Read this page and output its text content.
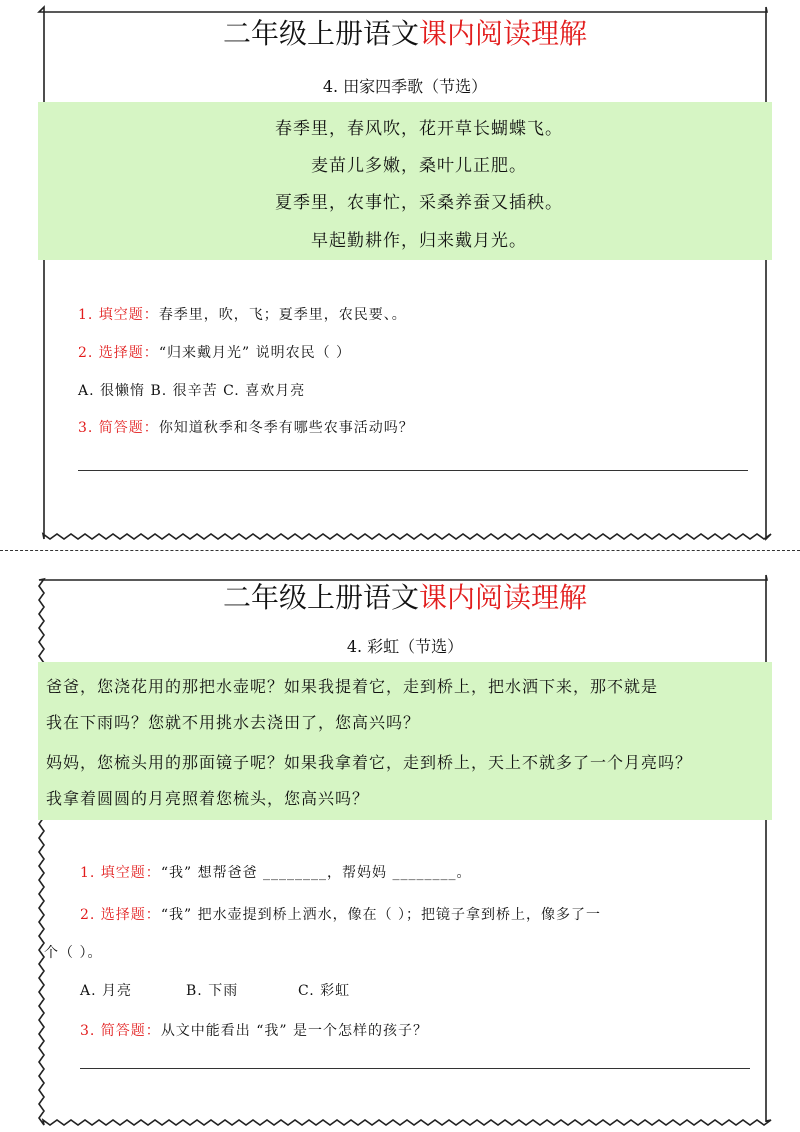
二年级上册语文课内阅读理解
4. 田家四季歌（节选）
春季里，春风吹，花开草长蝴蝶飞。
麦苗儿多嫩，桑叶儿正肥。
夏季里，农事忙，采桑养蚕又插秧。
早起勤耕作，归来戴月光。
1. 填空题：春季里，吹，飞；夏季里，农民要、。
2. 选择题：“归来戴月光” 说明农民（ ）
A. 很懒惰 B. 很辛苦 C. 喜欢月亮
3. 简答题：你知道秋季和冬季有哪些农事活动吗？
二年级上册语文课内阅读理解
4. 彩虹（节选）
爸爸，您浇花用的那把水壶呢？如果我提着它，走到桥上，把水洒下来，那不就是
我在下雨吗？您就不用挑水去浇田了，您高兴吗？
妈妈，您梳头用的那面镜子呢？如果我拿着它，走到桥上，天上不就多了一个月亮吗？
我拿着圆圆的月亮照着您梳头，您高兴吗？
1. 填空题：“我” 想帮爸爸 ________，帮妈妈 ________。
2. 选择题：“我” 把水壶提到桥上洒水，像在（ ）；把镜子拿到桥上，像多了一
个（ ）。
A. 月亮	B. 下雨	C. 彩虹
3. 简答题：从文中能看出 “我” 是一个怎样的孩子？
